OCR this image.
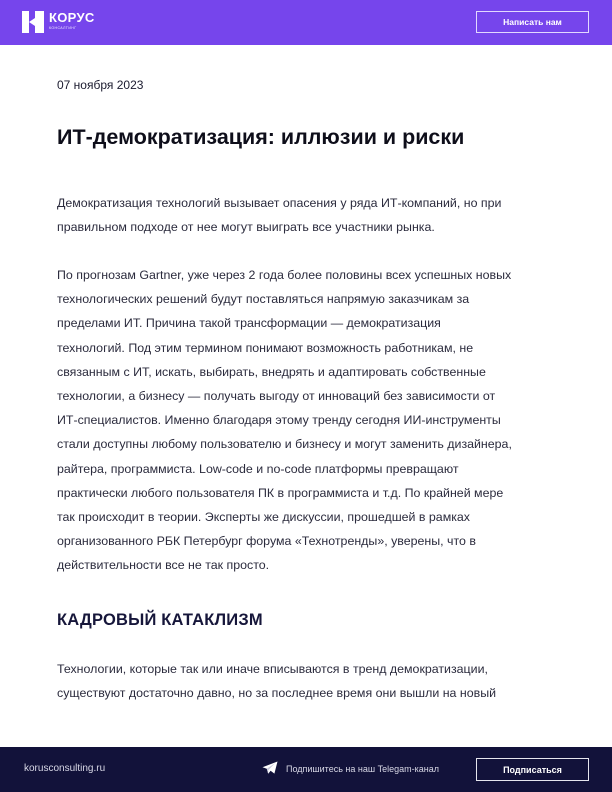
КОРУС
КОНСАЛТИНГ
Написать нам
07 ноября 2023
ИТ-демократизация: иллюзии и риски
Демократизация технологий вызывает опасения у ряда ИТ-компаний, но при
правильном подходе от нее могут выиграть все участники рынка.
По прогнозам Gartner, уже через 2 года более половины всех успешных новых
технологических решений будут поставляться напрямую заказчикам за
пределами ИТ. Причина такой трансформации — демократизация
технологий. Под этим термином понимают возможность работникам, не
связанным с ИТ, искать, выбирать, внедрять и адаптировать собственные
технологии, а бизнесу — получать выгоду от инноваций без зависимости от
ИТ-специалистов. Именно благодаря этому тренду сегодня ИИ-инструменты
стали доступны любому пользователю и бизнесу и могут заменить дизайнера,
райтера, программиста. Low-code и no-code платформы превращают
практически любого пользователя ПК в программиста и т.д. По крайней мере
так происходит в теории. Эксперты же дискуссии, прошедшей в рамках
организованного РБК Петербург форума «Технотренды», уверены, что в
действительности все не так просто.
КАДРОВЫЙ КАТАКЛИЗМ
Технологии, которые так или иначе вписываются в тренд демократизации,
существуют достаточно давно, но за последнее время они вышли на новый
korusconsulting.ru	Подпишитесь на наш Telegam-канал	Подписаться
